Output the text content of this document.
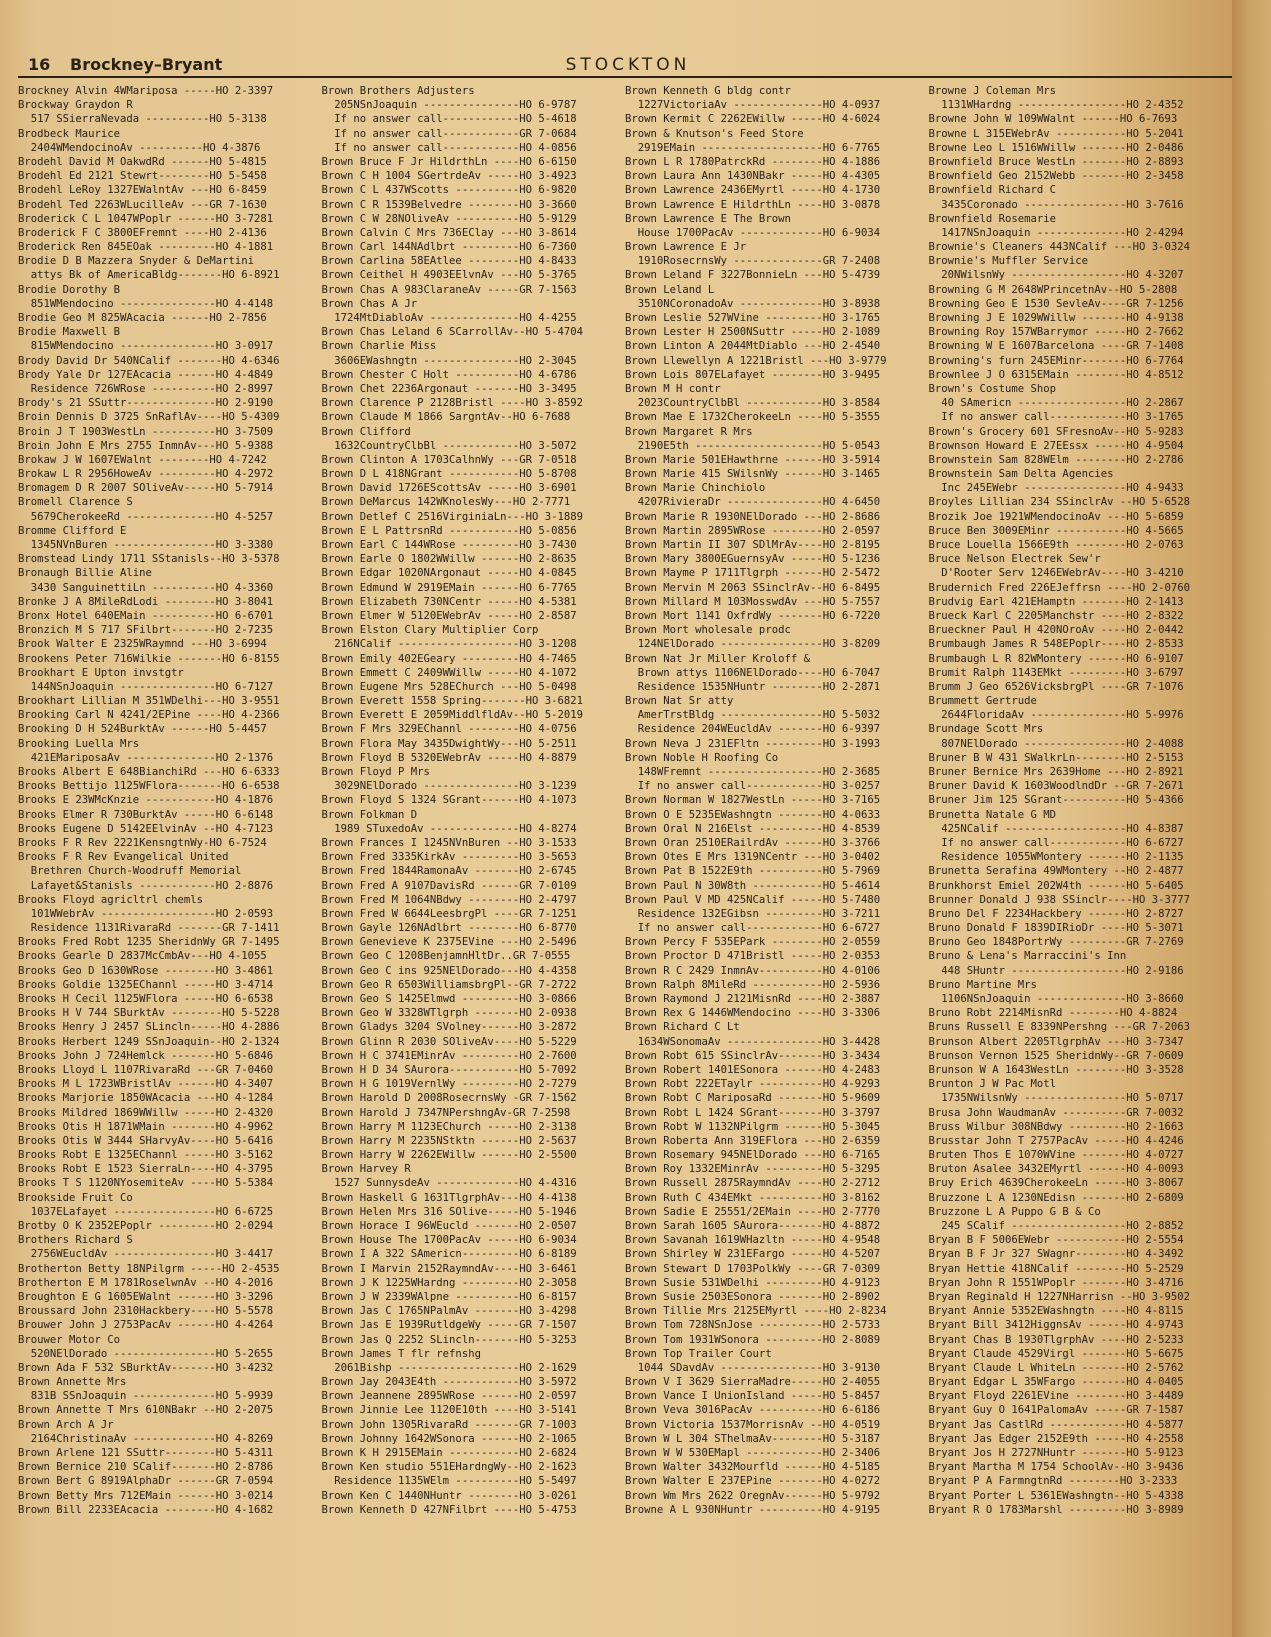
STOCKTON
16 Brockney–Bryant
Brockney Alvin 4WMariposa -----HO 2-3397
Brockway Graydon R
517 SSierraNevada ----------HO 5-3138
Brodbeck Maurice
2404WMendocinoAv ----------HO 4-3876
Brodehl David M OakwdRd ------HO 5-4815
Brodehl Ed 2121 Stewrt--------HO 5-5458
Brodehl LeRoy 1327EWalntAv ---HO 6-8459
Brodehl Ted 2263WLucilleAv ---GR 7-1630
Broderick C L 1047WPoplr ------HO 3-7281
Broderick F C 3800EFremnt ----HO 2-4136
Broderick Ren 845EOak ---------HO 4-1881
Brodie D B Mazzera Snyder & DeMartini
attys Bk of AmericaBldg-------HO 6-8921
Brodie Dorothy B
851WMendocino ---------------HO 4-4148
Brodie Geo M 825WAcacia ------HO 2-7856
Brodie Maxwell B
815WMendocino ---------------HO 3-0917
Brody David Dr 540NCalif -------HO 4-6346
Brody Yale Dr 127EAcacia ------HO 4-4849
Residence 726WRose ----------HO 2-8997
Brody's 21 SSuttr--------------HO 2-9190
Broin Dennis D 3725 SnRaflAv----HO 5-4309
Broin J T 1903WestLn ----------HO 3-7509
Broin John E Mrs 2755 InmnAv---HO 5-9388
Brokaw J W 1607EWalnt --------HO 4-7242
Brokaw L R 2956HoweAv ---------HO 4-2972
Bromagem D R 2007 SOliveAv-----HO 5-7914
Bromell Clarence S
5679CherokeeRd --------------HO 4-5257
Bromme Clifford E
1345NVnBuren ----------------HO 3-3380
Bromstead Lindy 1711 SStanisls--HO 3-5378
Bronaugh Billie Aline
3430 SanguinettiLn ----------HO 4-3360
Bronke J A 8MileRdLodi --------HO 3-8041
Bronx Hotel 640EMain ----------HO 6-6701
Bronzich M S 717 SFilbrt-------HO 2-7235
Brook Walter E 2325WRaymnd ---HO 3-6994
Brookens Peter 716Wilkie -------HO 6-8155
Brookhart E Upton invstgtr
144NSnJoaquin ---------------HO 6-7127
Brookhart Lillian M 351WDelhi---HO 3-9551
Brooking Carl N 4241/2EPine ----HO 4-2366
Brooking D H 524BurktAv ------HO 5-4457
Brooking Luella Mrs
421EMariposaAv --------------HO 2-1376
Brooks Albert E 648BianchiRd ---HO 6-6333
Brooks Bettijo 1125WFlora-------HO 6-6538
Brooks E 23WMcKnzie -----------HO 4-1876
Brooks Elmer R 730BurktAv -----HO 6-6148
Brooks Eugene D 5142EElvinAv --HO 4-7123
Brooks F R Rev 2221KensngtnWy-HO 6-7524
Brooks F R Rev Evangelical United
Brethren Church-Woodruff Memorial
Lafayet&Stanisls ------------HO 2-8876
Brooks Floyd agricltrl chemls
101WWebrAv ------------------HO 2-0593
Residence 1131RivaraRd -------GR 7-1411
Brooks Fred Robt 1235 SheridnWy GR 7-1495
Brooks Gearle D 2837McCmbAv---HO 4-1055
Brooks Geo D 1630WRose --------HO 3-4861
Brooks Goldie 1325EChannl -----HO 3-4714
Brooks H Cecil 1125WFlora -----HO 6-6538
Brooks H V 744 SBurktAv --------HO 5-5228
Brooks Henry J 2457 SLincln-----HO 4-2886
Brooks Herbert 1249 SSnJoaquin--HO 2-1324
Brooks John J 724Hemlck -------HO 5-6846
Brooks Lloyd L 1107RivaraRd ---GR 7-0460
Brooks M L 1723WBristlAv ------HO 4-3407
Brooks Marjorie 1850WAcacia ---HO 4-1284
Brooks Mildred 1869WWillw -----HO 2-4320
Brooks Otis H 1871WMain -------HO 4-9962
Brooks Otis W 3444 SHarvyAv----HO 5-6416
Brooks Robt E 1325EChannl -----HO 3-5162
Brooks Robt E 1523 SierraLn----HO 4-3795
Brooks T S 1120NYosemiteAv ----HO 5-5384
Brookside Fruit Co
1037ELafayet ----------------HO 6-6725
Brotby O K 2352EPoplr ---------HO 2-0294
Brothers Richard S
2756WEucldAv ----------------HO 3-4417
Brotherton Betty 18NPilgrm -----HO 2-4535
Brotherton E M 1781RoselwnAv --HO 4-2016
Broughton E G 1605EWalnt ------HO 3-3296
Broussard John 2310Hackbery----HO 5-5578
Brouwer John J 2753PacAv ------HO 4-4264
Brouwer Motor Co
520NElDorado ----------------HO 5-2655
Brown Ada F 532 SBurktAv-------HO 3-4232
Brown Annette Mrs
831B SSnJoaquin -------------HO 5-9939
Brown Annette T Mrs 610NBakr --HO 2-2075
Brown Arch A Jr
2164ChristinaAv -------------HO 4-8269
Brown Arlene 121 SSuttr--------HO 5-4311
Brown Bernice 210 SCalif-------HO 2-8786
Brown Bert G 8919AlphaDr ------GR 7-0594
Brown Betty Mrs 712EMain ------HO 3-0214
Brown Bill 2233EAcacia --------HO 4-1682
Brown Brothers Adjusters
205NSnJoaquin ---------------HO 6-9787
If no answer call------------HO 5-4618
If no answer call------------GR 7-0684
If no answer call------------HO 4-0856
Brown Bruce F Jr HildrthLn ----HO 6-6150
Brown C H 1004 SGertrdeAv -----HO 3-4923
Brown C L 437WScotts ----------HO 6-9820
Brown C R 1539Belvedre --------HO 3-3660
Brown C W 28NOliveAv ----------HO 5-9129
Brown Calvin C Mrs 736EClay ---HO 3-8614
Brown Carl 144NAdlbrt ---------HO 6-7360
Brown Carlina 58EAtlee --------HO 4-8433
Brown Ceithel H 4903EElvnAv ---HO 5-3765
Brown Chas A 983ClaraneAv -----GR 7-1563
Brown Chas A Jr
1724MtDiabloAv --------------HO 4-4255
Brown Chas Leland 6 SCarrollAv--HO 5-4704
Brown Charlie Miss
3606EWashngtn ---------------HO 2-3045
Brown Chester C Holt ----------HO 4-6786
Brown Chet 2236Argonaut -------HO 3-3495
Brown Clarence P 2128Bristl ----HO 3-8592
Brown Claude M 1866 SargntAv--HO 6-7688
Brown Clifford
1632CountryClbBl ------------HO 3-5072
Brown Clinton A 1703CalhnWy ---GR 7-0518
Brown D L 418NGrant -----------HO 5-8708
Brown David 1726EScottsAv -----HO 3-6901
Brown DeMarcus 142WKnolesWy---HO 2-7771
Brown Detlef C 2516VirginiaLn---HO 3-1889
Brown E L PattrsnRd -----------HO 5-0856
Brown Earl C 144WRose ---------HO 3-7430
Brown Earle O 1802WWillw ------HO 2-8635
Brown Edgar 1020NArgonaut -----HO 4-0845
Brown Edmund W 2919EMain ------HO 6-7765
Brown Elizabeth 730NCentr -----HO 4-5381
Brown Elmer W 5120EWebrAv -----HO 2-8587
Brown Elston Clary Multiplier Corp
216NCalif -------------------HO 3-1208
Brown Emily 402EGeary ---------HO 4-7465
Brown Emmett C 2409WWillw -----HO 4-1072
Brown Eugene Mrs 528EChurch ---HO 5-0498
Brown Everett 1558 Spring-------HO 3-6821
Brown Everett E 2059MiddlfldAv--HO 5-2019
Brown F Mrs 329EChannl --------HO 4-0756
Brown Flora May 3435DwightWy---HO 5-2511
Brown Floyd B 5320EWebrAv -----HO 4-8879
Brown Floyd P Mrs
3029NElDorado ---------------HO 3-1239
Brown Floyd S 1324 SGrant------HO 4-1073
Brown Folkman D
1989 STuxedoAv --------------HO 4-8274
Brown Frances I 1245NVnBuren --HO 3-1533
Brown Fred 3335KirkAv ---------HO 3-5653
Brown Fred 1844RamonaAv -------HO 2-6745
Brown Fred A 9107DavisRd ------GR 7-0109
Brown Fred M 1064NBdwy --------HO 2-4797
Brown Fred W 6644LeesbrgPl ----GR 7-1251
Brown Gayle 126NAdlbrt --------HO 6-8770
Brown Genevieve K 2375EVine ---HO 2-5496
Brown Geo C 1208BenjamnHltDr..GR 7-0555
Brown Geo C ins 925NElDorado---HO 4-4358
Brown Geo R 6503WilliamsbrgPl--GR 7-2722
Brown Geo S 1425Elmwd ---------HO 3-0866
Brown Geo W 3328WTlgrph -------HO 2-0938
Brown Gladys 3204 SVolney------HO 3-2872
Brown Glinn R 2030 SOliveAv----HO 5-5229
Brown H C 3741EMinrAv ---------HO 2-7600
Brown H D 34 SAurora-----------HO 5-7092
Brown H G 1019VernlWy ---------HO 2-7279
Brown Harold D 2008RosecrnsWy -GR 7-1562
Brown Harold J 7347NPershngAv-GR 7-2598
Brown Harry M 1123EChurch -----HO 2-3138
Brown Harry M 2235NStktn ------HO 2-5637
Brown Harry W 2262EWillw ------HO 2-5500
Brown Harvey R
1527 SunnysdeAv -------------HO 4-4316
Brown Haskell G 1631TlgrphAv---HO 4-4138
Brown Helen Mrs 316 SOlive-----HO 5-1946
Brown Horace I 96WEucld -------HO 2-0507
Brown House The 1700PacAv -----HO 6-9034
Brown I A 322 SAmericn---------HO 6-8189
Brown I Marvin 2152RaymndAv----HO 3-6461
Brown J K 1225WHardng ---------HO 2-3058
Brown J W 2339WAlpne ----------HO 6-8157
Brown Jas C 1765NPalmAv -------HO 3-4298
Brown Jas E 1939RutldgeWy -----GR 7-1507
Brown Jas Q 2252 SLincln-------HO 5-3253
Brown James T flr refnshg
2061Bishp -------------------HO 2-1629
Brown Jay 2043E4th ------------HO 3-5972
Brown Jeannene 2895WRose ------HO 2-0597
Brown Jinnie Lee 1120E10th ----HO 3-5141
Brown John 1305RivaraRd -------GR 7-1003
Brown Johnny 1642WSonora ------HO 2-1065
Brown K H 2915EMain -----------HO 2-6824
Brown Ken studio 551EHardngWy--HO 2-1623
Residence 1135WElm ----------HO 5-5497
Brown Ken C 1440NHuntr --------HO 3-0261
Brown Kenneth D 427NFilbrt ----HO 5-4753
Brown Kenneth G bldg contr
1227VictoriaAv --------------HO 4-0937
Brown Kermit C 2262EWillw -----HO 4-6024
Brown & Knutson's Feed Store
2919EMain -------------------HO 6-7765
Brown L R 1780PatrckRd --------HO 4-1886
Brown Laura Ann 1430NBakr -----HO 4-4305
Brown Lawrence 2436EMyrtl -----HO 4-1730
Brown Lawrence E HildrthLn ----HO 3-0878
Brown Lawrence E The Brown
House 1700PacAv -------------HO 6-9034
Brown Lawrence E Jr
1910RosecrnsWy --------------GR 7-2408
Brown Leland F 3227BonnieLn ---HO 5-4739
Brown Leland L
3510NCoronadoAv -------------HO 3-8938
Brown Leslie 527WVine ---------HO 3-1765
Brown Lester H 2500NSuttr -----HO 2-1089
Brown Linton A 2044MtDiablo ---HO 2-4540
Brown Llewellyn A 1221Bristl ---HO 3-9779
Brown Lois 807ELafayet --------HO 3-9495
Brown M H contr
2023CountryClbBl ------------HO 3-8584
Brown Mae E 1732CherokeeLn ----HO 5-3555
Brown Margaret R Mrs
2190E5th --------------------HO 5-0543
Brown Marie 501EHawthrne ------HO 3-5914
Brown Marie 415 SWilsnWy ------HO 3-1465
Brown Marie Chinchiolo
4207RivieraDr ---------------HO 4-6450
Brown Marie R 1930NElDorado ---HO 2-8686
Brown Martin 2895WRose --------HO 2-0597
Brown Martin II 307 SDlMrAv----HO 2-8195
Brown Mary 3800EGuernsyAv -----HO 5-1236
Brown Mayme P 1711Tlgrph ------HO 2-5472
Brown Mervin M 2063 SSinclrAv--HO 6-8495
Brown Millard M 103MosswdAv ---HO 5-7557
Brown Mort 1141 OxfrdWy -------HO 6-7220
Brown Mort wholesale prodc
124NElDorado ----------------HO 3-8209
Brown Nat Jr Miller Kroloff &
Brown attys 1106NElDorado----HO 6-7047
Residence 1535NHuntr --------HO 2-2871
Brown Nat Sr atty
AmerTrstBldg ----------------HO 5-5032
Residence 204WEucldAv -------HO 6-9397
Brown Neva J 231EFltn ---------HO 3-1993
Brown Noble H Roofing Co
148WFremnt ------------------HO 2-3685
If no answer call------------HO 3-0257
Brown Norman W 1827WestLn -----HO 3-7165
Brown O E 5235EWashngtn -------HO 4-0633
Brown Oral N 216Elst ----------HO 4-8539
Brown Oran 2510ERailrdAv ------HO 3-3766
Brown Otes E Mrs 1319NCentr ---HO 3-0402
Brown Pat B 1522E9th ----------HO 5-7969
Brown Paul N 30W8th -----------HO 5-4614
Brown Paul V MD 425NCalif -----HO 5-7480
Residence 132EGibsn ---------HO 3-7211
If no answer call------------HO 6-6727
Brown Percy F 535EPark --------HO 2-0559
Brown Proctor D 471Bristl -----HO 2-0353
Brown R C 2429 InmnAv----------HO 4-0106
Brown Ralph 8MileRd -----------HO 2-5936
Brown Raymond J 2121MisnRd ----HO 2-3887
Brown Rex G 1446WMendocino ----HO 3-3306
Brown Richard C Lt
1634WSonomaAv ---------------HO 3-4428
Brown Robt 615 SSinclrAv-------HO 3-3434
Brown Robert 1401ESonora ------HO 4-2483
Brown Robt 222ETaylr ----------HO 4-9293
Brown Robt C MariposaRd -------HO 5-9609
Brown Robt L 1424 SGrant-------HO 3-3797
Brown Robt W 1132NPilgrm ------HO 5-3045
Brown Roberta Ann 319EFlora ---HO 2-6359
Brown Rosemary 945NElDorado ---HO 6-7165
Brown Roy 1332EMinrAv ---------HO 5-3295
Brown Russell 2875RaymndAv ----HO 2-2712
Brown Ruth C 434EMkt ----------HO 3-8162
Brown Sadie E 25551/2EMain ----HO 2-7770
Brown Sarah 1605 SAurora-------HO 4-8872
Brown Savanah 1619WHazltn -----HO 4-9548
Brown Shirley W 231EFargo -----HO 4-5207
Brown Stewart D 1703PolkWy ----GR 7-0309
Brown Susie 531WDelhi ---------HO 4-9123
Brown Susie 2503ESonora -------HO 2-8902
Brown Tillie Mrs 2125EMyrtl ----HO 2-8234
Brown Tom 728NSnJose ----------HO 2-5733
Brown Tom 1931WSonora ---------HO 2-8089
Brown Top Trailer Court
1044 SDavdAv ----------------HO 3-9130
Brown V I 3629 SierraMadre-----HO 2-4055
Brown Vance I UnionIsland -----HO 5-8457
Brown Veva 3016PacAv ----------HO 6-6186
Brown Victoria 1537MorrisnAv --HO 4-0519
Brown W L 304 SThelmaAv--------HO 5-3187
Brown W W 530EMapl ------------HO 2-3406
Brown Walter 3432Mourfld ------HO 4-5185
Brown Walter E 237EPine -------HO 4-0272
Brown Wm Mrs 2622 OregnAv------HO 5-9792
Browne A L 930NHuntr ----------HO 4-9195
Browne J Coleman Mrs
1131WHardng -----------------HO 2-4352
Browne John W 109WWalnt ------HO 6-7693
Browne L 315EWebrAv -----------HO 5-2041
Browne Leo L 1516WWillw -------HO 2-0486
Brownfield Bruce WestLn -------HO 2-8893
Brownfield Geo 2152Webb -------HO 2-3458
Brownfield Richard C
3435Coronado ----------------HO 3-7616
Brownfield Rosemarie
1417NSnJoaquin --------------HO 2-4294
Brownie's Cleaners 443NCalif ---HO 3-0324
Brownie's Muffler Service
20NWilsnWy ------------------HO 4-3207
Browning G M 2648WPrincetnAv--HO 5-2808
Browning Geo E 1530 SevleAv----GR 7-1256
Browning J E 1029WWillw -------HO 4-9138
Browning Roy 157WBarrymor -----HO 2-7662
Browning W E 1607Barcelona ----GR 7-1408
Browning's furn 245EMinr-------HO 6-7764
Brownlee J O 6315EMain --------HO 4-8512
Brown's Costume Shop
40 SAmericn -----------------HO 2-2867
If no answer call------------HO 3-1765
Brown's Grocery 601 SFresnoAv--HO 5-9283
Brownson Howard E 27EEssx -----HO 4-9504
Brownstein Sam 828WElm --------HO 2-2786
Brownstein Sam Delta Agencies
Inc 245EWebr ----------------HO 4-9433
Broyles Lillian 234 SSinclrAv --HO 5-6528
Brozik Joe 1921WMendocinoAv ---HO 5-6859
Bruce Ben 3009EMinr -----------HO 4-5665
Bruce Louella 1566E9th --------HO 2-0763
Bruce Nelson Electrek Sew'r
D'Rooter Serv 1246EWebrAv----HO 3-4210
Brudernich Fred 226EJeffrsn ----HO 2-0760
Brudvig Earl 421EHamptn -------HO 2-1413
Brueck Karl C 2205Manchstr ----HO 2-8322
Brueckner Paul H 420NOroAv ----HO 2-0442
Brumbaugh James R 548EPoplr----HO 2-8533
Brumbaugh L R 82WMontery ------HO 6-9107
Brumit Ralph 1143EMkt ---------HO 3-6797
Brumm J Geo 6526VicksbrgPl ----GR 7-1076
Brummett Gertrude
2644FloridaAv ---------------HO 5-9976
Brundage Scott Mrs
807NElDorado ----------------HO 2-4088
Bruner B W 431 SWalkrLn--------HO 2-5153
Bruner Bernice Mrs 2639Home ---HO 2-8921
Bruner David K 1603WoodlndDr --GR 7-2671
Bruner Jim 125 SGrant----------HO 5-4366
Brunetta Natale G MD
425NCalif -------------------HO 4-8387
If no answer call------------HO 6-6727
Residence 1055WMontery ------HO 2-1135
Brunetta Serafina 49WMontery --HO 2-4877
Brunkhorst Emiel 202W4th ------HO 5-6405
Brunner Donald J 938 SSinclr----HO 3-3777
Bruno Del F 2234Hackbery ------HO 2-8727
Bruno Donald F 1839DIRioDr ----HO 5-3071
Bruno Geo 1848PortrWy ---------GR 7-2769
Bruno & Lena's Marraccini's Inn
448 SHuntr ------------------HO 2-9186
Bruno Martine Mrs
1106NSnJoaquin --------------HO 3-8660
Bruno Robt 2214MisnRd --------HO 4-8824
Bruns Russell E 8339NPershng ---GR 7-2063
Brunson Albert 2205TlgrphAv ---HO 3-7347
Brunson Vernon 1525 SheridnWy--GR 7-0609
Brunson W A 1643WestLn --------HO 3-3528
Brunton J W Pac Motl
1735NWilsnWy ----------------HO 5-0717
Brusa John WaudmanAv ----------GR 7-0032
Bruss Wilbur 308NBdwy ---------HO 2-1663
Brusstar John T 2757PacAv -----HO 4-4246
Bruten Thos E 1070WVine -------HO 4-0727
Bruton Asalee 3432EMyrtl ------HO 4-0093
Bruy Erich 4639CherokeeLn -----HO 3-8067
Bruzzone L A 1230NEdisn -------HO 2-6809
Bruzzone L A Puppo G B & Co
245 SCalif ------------------HO 2-8852
Bryan B F 5006EWebr -----------HO 2-5554
Bryan B F Jr 327 SWagnr--------HO 4-3492
Bryan Hettie 418NCalif --------HO 5-2529
Bryan John R 1551WPoplr -------HO 3-4716
Bryan Reginald H 1227NHarrisn --HO 3-9502
Bryant Annie 5352EWashngtn ----HO 4-8115
Bryant Bill 3412HiggnsAv ------HO 4-9743
Bryant Chas B 1930TlgrphAv ----HO 2-5233
Bryant Claude 4529Virgl -------HO 5-6675
Bryant Claude L WhiteLn -------HO 2-5762
Bryant Edgar L 35WFargo -------HO 4-0405
Bryant Floyd 2261EVine --------HO 3-4489
Bryant Guy O 1641PalomaAv -----GR 7-1587
Bryant Jas CastlRd ------------HO 4-5877
Bryant Jas Edger 2152E9th -----HO 4-2558
Bryant Jos H 2727NHuntr -------HO 5-9123
Bryant Martha M 1754 SchoolAv--HO 3-9436
Bryant P A FarmngtnRd --------HO 3-2333
Bryant Porter L 5361EWashngtn--HO 5-4338
Bryant R O 1783Marshl ---------HO 3-8989
